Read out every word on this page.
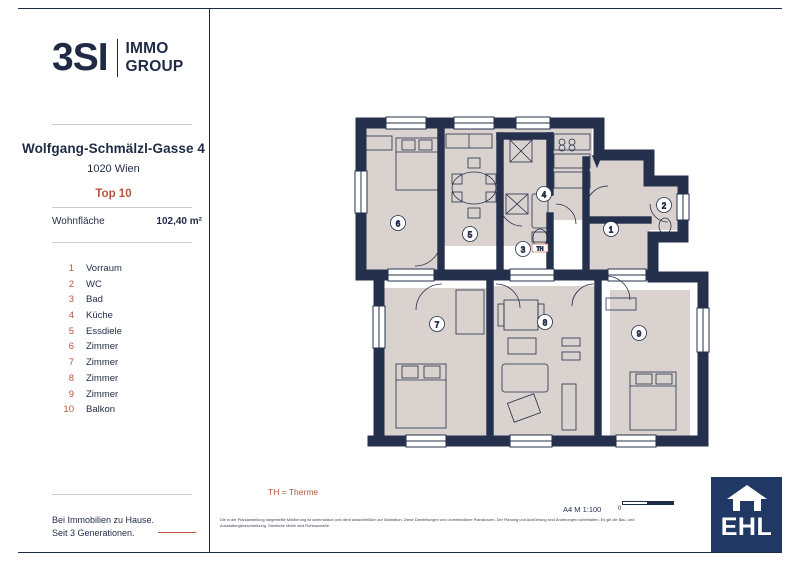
3SI IMMO
GROUP
Wolfgang-Schmälzl-Gasse 4
1020 Wien
Top 10
Wohnfläche	102,40 m²
1 Vorraum
2 WC
3 Bad
4 Küche
5 Essdiele
6 Zimmer
7 Zimmer
8 Zimmer
9 Zimmer
10 Balkon
Bei Immobilien zu Hause.
Seit 3 Generationen.
6
5
4
3
1
2
7	8
9
TH
TH = Therme
Die in der Plandarstellung dargestellte Möblierung ist schematisch und dient ausschließlich zur Illustration. Diese Darstellungen und unverbindliche Planskizzen. Der Planung und Ausführung sind Änderungen vorbehalten. Es gilt die Bau- und Ausstattungsbeschreibung. Sämtliche Maße sind Rohbaumaße.
A4 M 1:100	0
EHL
